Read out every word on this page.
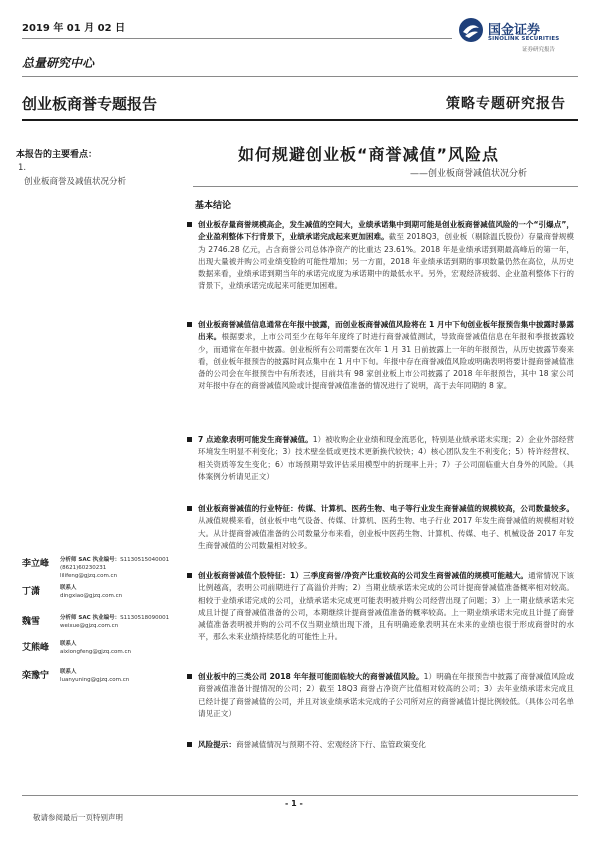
2019 年 01 月 02 日	国金证券
SINOLINK SECURITIES
证券研究报告
总量研究中心
创业板商誉专题报告	策略专题研究报告
本报告的主要看点：
1. 创业板商誉及减值状况分析
如何规避创业板“商誉减值”风险点
——创业板商誉减值状况分析
基本结论
创业板存量商誉规模高企，发生减值的空间大，业绩承诺集中到期可能是创业板商誉减值风险的一个“引爆点”，企业盈利整体下行背景下，业绩承诺完成起来更加困难。截至 2018Q3，创业板（剔除温氏股份）存量商誉规模为 2746.28 亿元，占含商誉公司总体净资产的比重达 23.61%。2018 年是业绩承诺到期最高峰后的第一年，出现大量被并购公司业绩变脸的可能性增加；另一方面，2018 年业绩承诺到期的事项数量仍然在高位，从历史数据来看，业绩承诺到期当年的承诺完成度为承诺期中的最低水平。另外，宏观经济疲弱、企业盈利整体下行的背景下，业绩承诺完成起来可能更加困难。
创业板商誉减值信息通常在年报中披露，而创业板商誉减值风险将在 1 月中下旬创业板年报预告集中披露时暴露出来。根据要求，上市公司至少在每年年度终了时进行商誉减值测试，导致商誉减值信息在年报和季报披露较少，而通常在年报中披露。创业板所有公司需要在次年 1 月 31 日前披露上一年的年报预告，从历史披露节奏来看，创业板年报预告的披露时间点集中在 1 月中下旬。年报中存在商誉减值风险或明确表明将要计提商誉减值准备的公司会在年报预告中有所表述，目前共有 98 家创业板上市公司披露了 2018 年年报预告，其中 18 家公司对年报中存在的商誉减值风险或计提商誉减值准备的情况进行了说明，高于去年同期的 8 家。
7 点迹象表明可能发生商誉减值。1）被收购企业业绩和现金流恶化，特别是业绩承诺未实现；2）企业外部经营环境发生明显不利变化；3）技术壁垒低或更技术更新换代较快；4）核心团队发生不利变化；5）特许经营权、相关资质等发生变化；6）市场预期导致评估采用模型中的折现率上升；7）子公司面临重大自身外的风险。（具体案例分析请见正文）
创业板商誉减值的行业特征：传媒、计算机、医药生物、电子等行业发生商誉减值的规模较高，公司数量较多。从减值规模来看，创业板中电气设备、传媒、计算机、医药生物、电子行业 2017 年发生商誉减值的规模相对较大。从计提商誉减值准备的公司数量分布来看，创业板中医药生物、计算机、传媒、电子、机械设备 2017 年发生商誉减值的公司数量相对较多。
创业板商誉减值个股特征：1）三季度商誉/净资产比重较高的公司发生商誉减值的规模可能越大。通常情况下该比例越高，表明公司前期进行了高溢价并购；2）当期业绩承诺未完成的公司计提商誉减值准备概率相对较高。相较于业绩承诺完成的公司，业绩承诺未完成更可能表明被并购公司经营出现了问题；3）上一期业绩承诺未完成且计提了商誉减值准备的公司，本期继续计提商誉减值准备的概率较高。上一期业绩承诺未完成且计提了商誉减值准备表明被并购的公司不仅当期业绩出现下滑，且有明确迹象表明其在未来的业绩也很于形成商誉时的水平，那么未来业绩持续恶化的可能性上升。
创业板中的三类公司 2018 年年报可能面临较大的商誉减值风险。1）明确在年报预告中披露了商誉减值风险或商誉减值准备计提情况的公司；2）截至 18Q3 商誉占净资产比值相对较高的公司；3）去年业绩承诺未完成且已经计提了商誉减值的公司，并且对该业绩承诺未完成的子公司所对应的商誉减值计提比例较低。（具体公司名单请见正文）
风险提示：商誉减值情况与预期不符、宏观经济下行、监管政策变化
李立峰 分析师 SAC 执业编号：S1130515040001
(8621)60230231
lilifeng@gjzq.com.cn
丁潇	联系人
dingxiao@gjzq.com.cn
魏雪	分析师 SAC 执业编号：S1130518090001
weixue@gjzq.com.cn
艾熊峰 联系人
aixiongfeng@gjzq.com.cn
栾豫宁 联系人
luanyuning@gjzq.com.cn
- 1 -
敬请参阅最后一页特别声明
